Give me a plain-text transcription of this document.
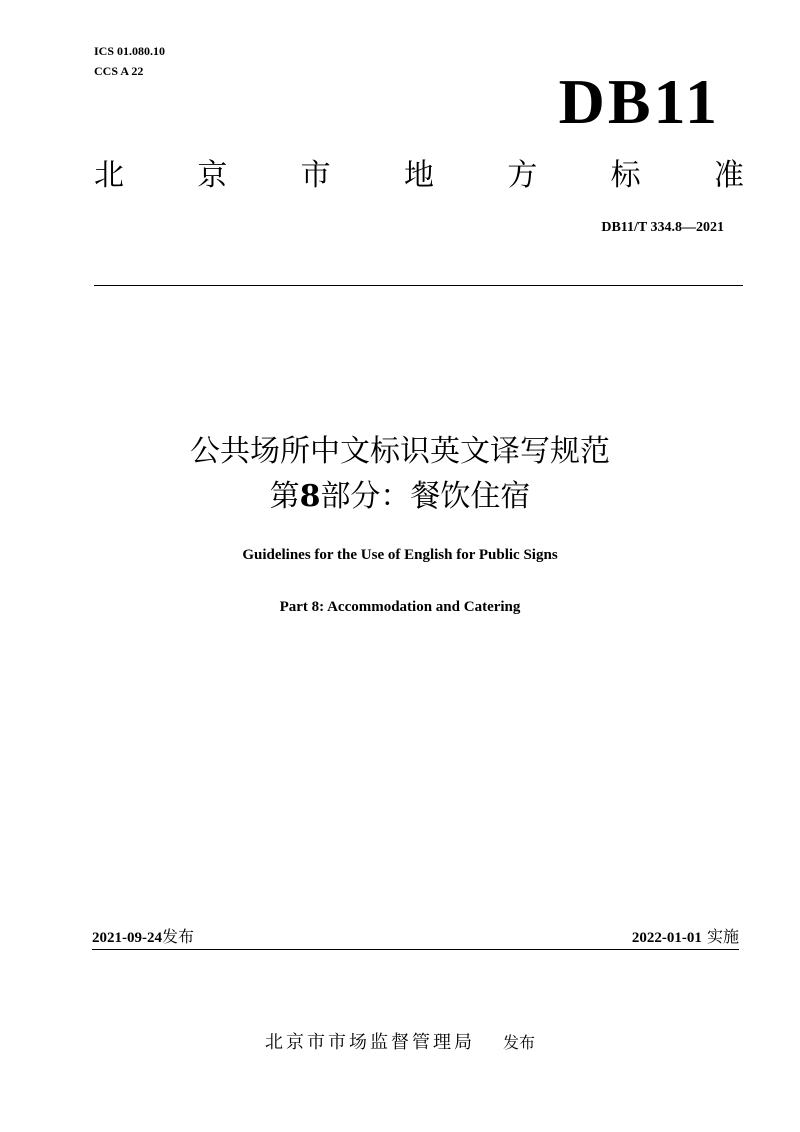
ICS 01.080.10
CCS A 22	DB11
北 京 市 地 方 标 准
DB11/T 334.8—2021
公共场所中文标识英文译写规范
第8部分：餐饮住宿
Guidelines for the Use of English for Public Signs
Part 8: Accommodation and Catering
2021-09-24发布	2022-01-01 实施
北京市市场监督管理局 发布
